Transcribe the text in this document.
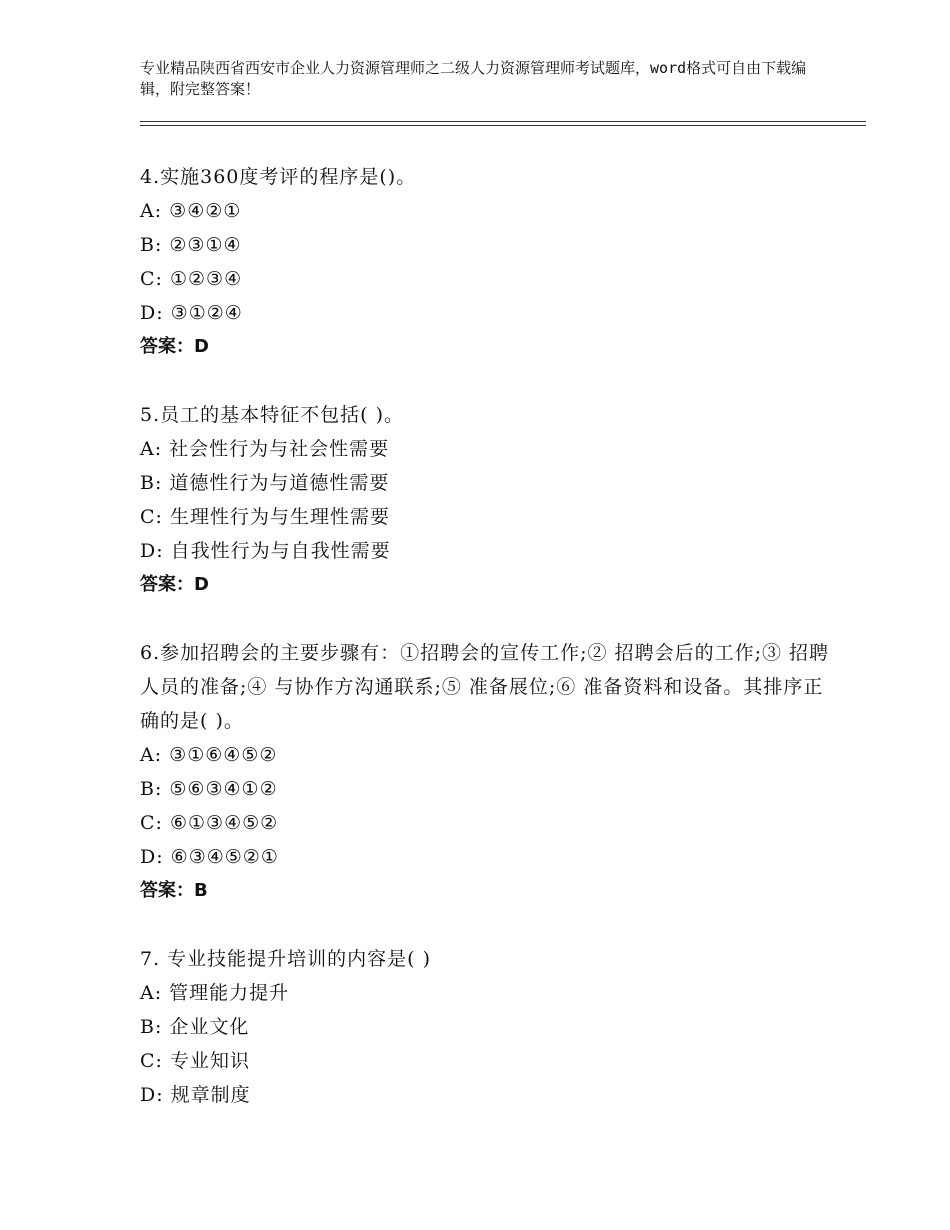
专业精品陕西省西安市企业人力资源管理师之二级人力资源管理师考试题库，word格式可自由下载编辑，附完整答案！

4.实施360度考评的程序是()。

A: ③④②①

B: ②③①④

C: ①②③④

D: ③①②④

答案：D

5.员工的基本特征不包括( )。

A: 社会性行为与社会性需要

B: 道德性行为与道德性需要

C: 生理性行为与生理性需要

D: 自我性行为与自我性需要

答案：D

6.参加招聘会的主要步骤有：①招聘会的宣传工作;② 招聘会后的工作;③ 招聘人员的准备;④ 与协作方沟通联系;⑤ 准备展位;⑥ 准备资料和设备。其排序正确的是( )。

A: ③①⑥④⑤②

B: ⑤⑥③④①②

C: ⑥①③④⑤②

D: ⑥③④⑤②①

答案：B

7. 专业技能提升培训的内容是( )

A: 管理能力提升

B: 企业文化

C: 专业知识

D: 规章制度
